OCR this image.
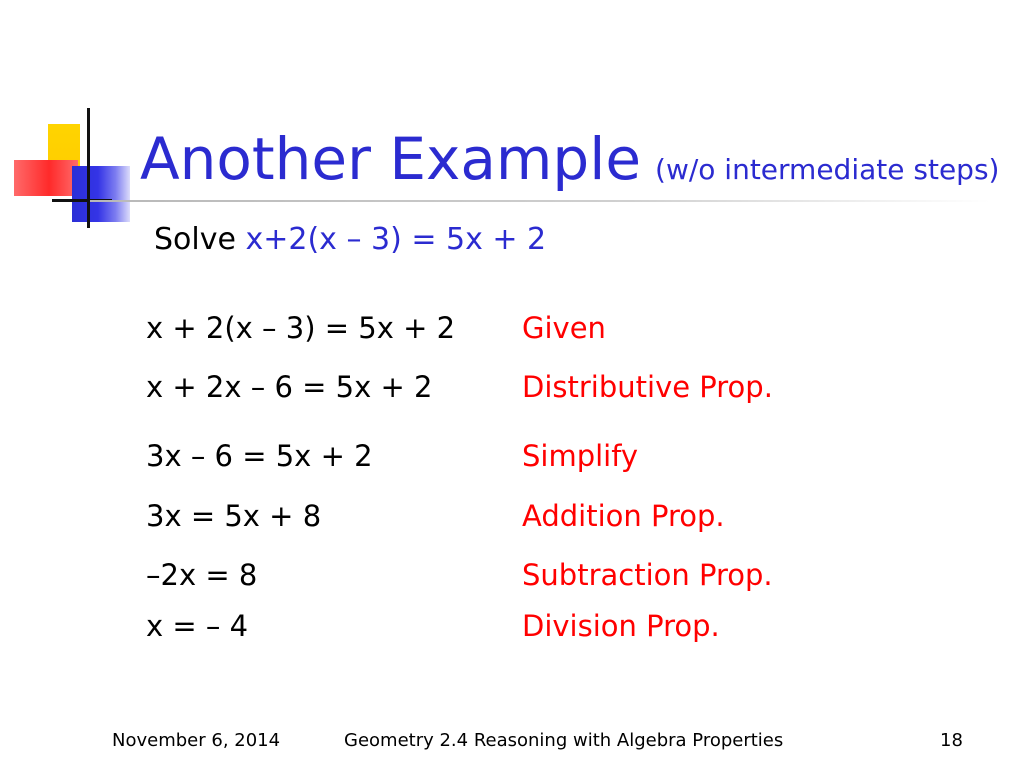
Another Example (w/o intermediate steps)
Solve x+2(x – 3) = 5x + 2
x + 2(x – 3) = 5x + 2 Given
x + 2x – 6 = 5x + 2	Distributive Prop.
3x – 6 = 5x + 2	Simplify
3x = 5x + 8	Addition Prop.
–2x = 8	Subtraction Prop.
x = – 4	Division Prop.
November 6, 2014	Geometry 2.4 Reasoning with Algebra Properties	18
